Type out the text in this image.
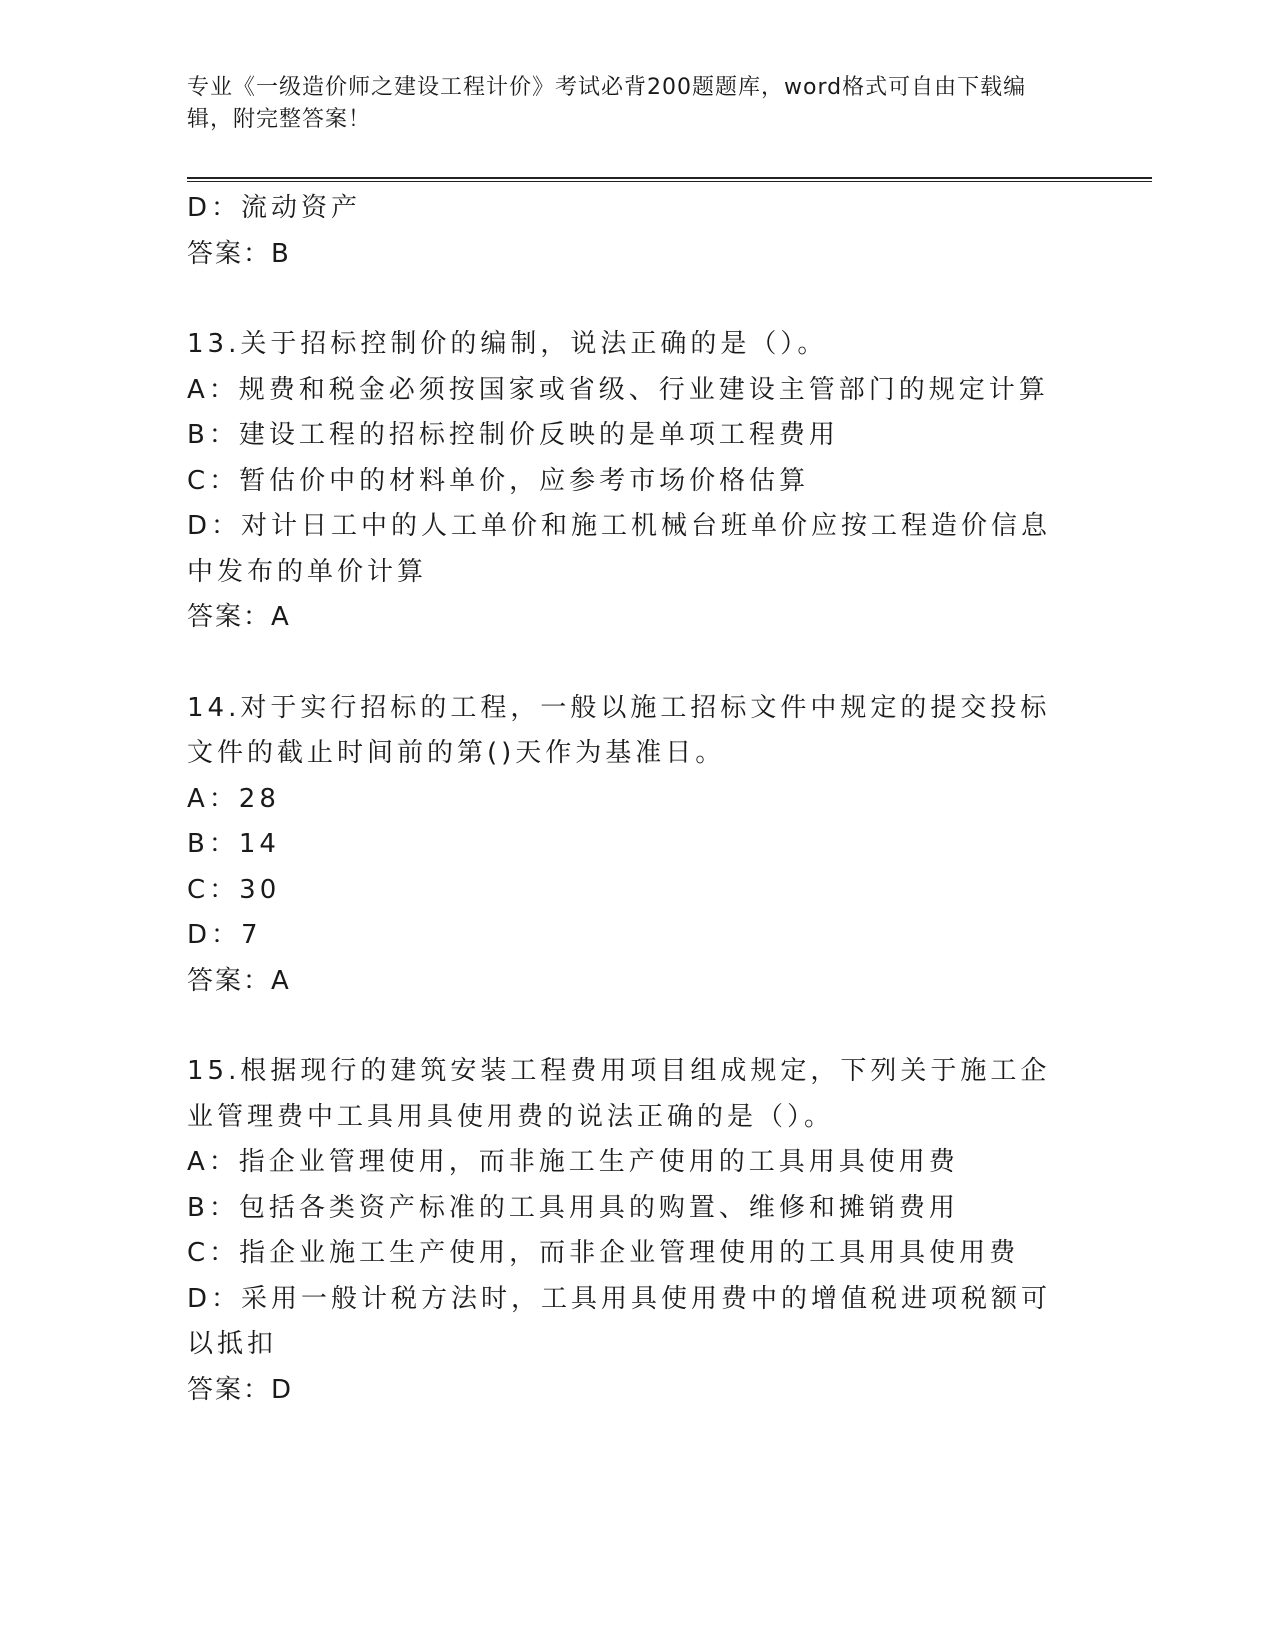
专业《一级造价师之建设工程计价》考试必背200题题库，word格式可自由下载编辑，附完整答案！
D：流动资产
答案：B
13.关于招标控制价的编制，说法正确的是（）。
A：规费和税金必须按国家或省级、行业建设主管部门的规定计算
B：建设工程的招标控制价反映的是单项工程费用
C：暂估价中的材料单价，应参考市场价格估算
D：对计日工中的人工单价和施工机械台班单价应按工程造价信息中发布的单价计算
答案：A
14.对于实行招标的工程，一般以施工招标文件中规定的提交投标文件的截止时间前的第()天作为基准日。
A：28
B：14
C：30
D：7
答案：A
15.根据现行的建筑安装工程费用项目组成规定，下列关于施工企业管理费中工具用具使用费的说法正确的是（）。
A：指企业管理使用，而非施工生产使用的工具用具使用费
B：包括各类资产标准的工具用具的购置、维修和摊销费用
C：指企业施工生产使用，而非企业管理使用的工具用具使用费
D：采用一般计税方法时，工具用具使用费中的增值税进项税额可以抵扣
答案：D
